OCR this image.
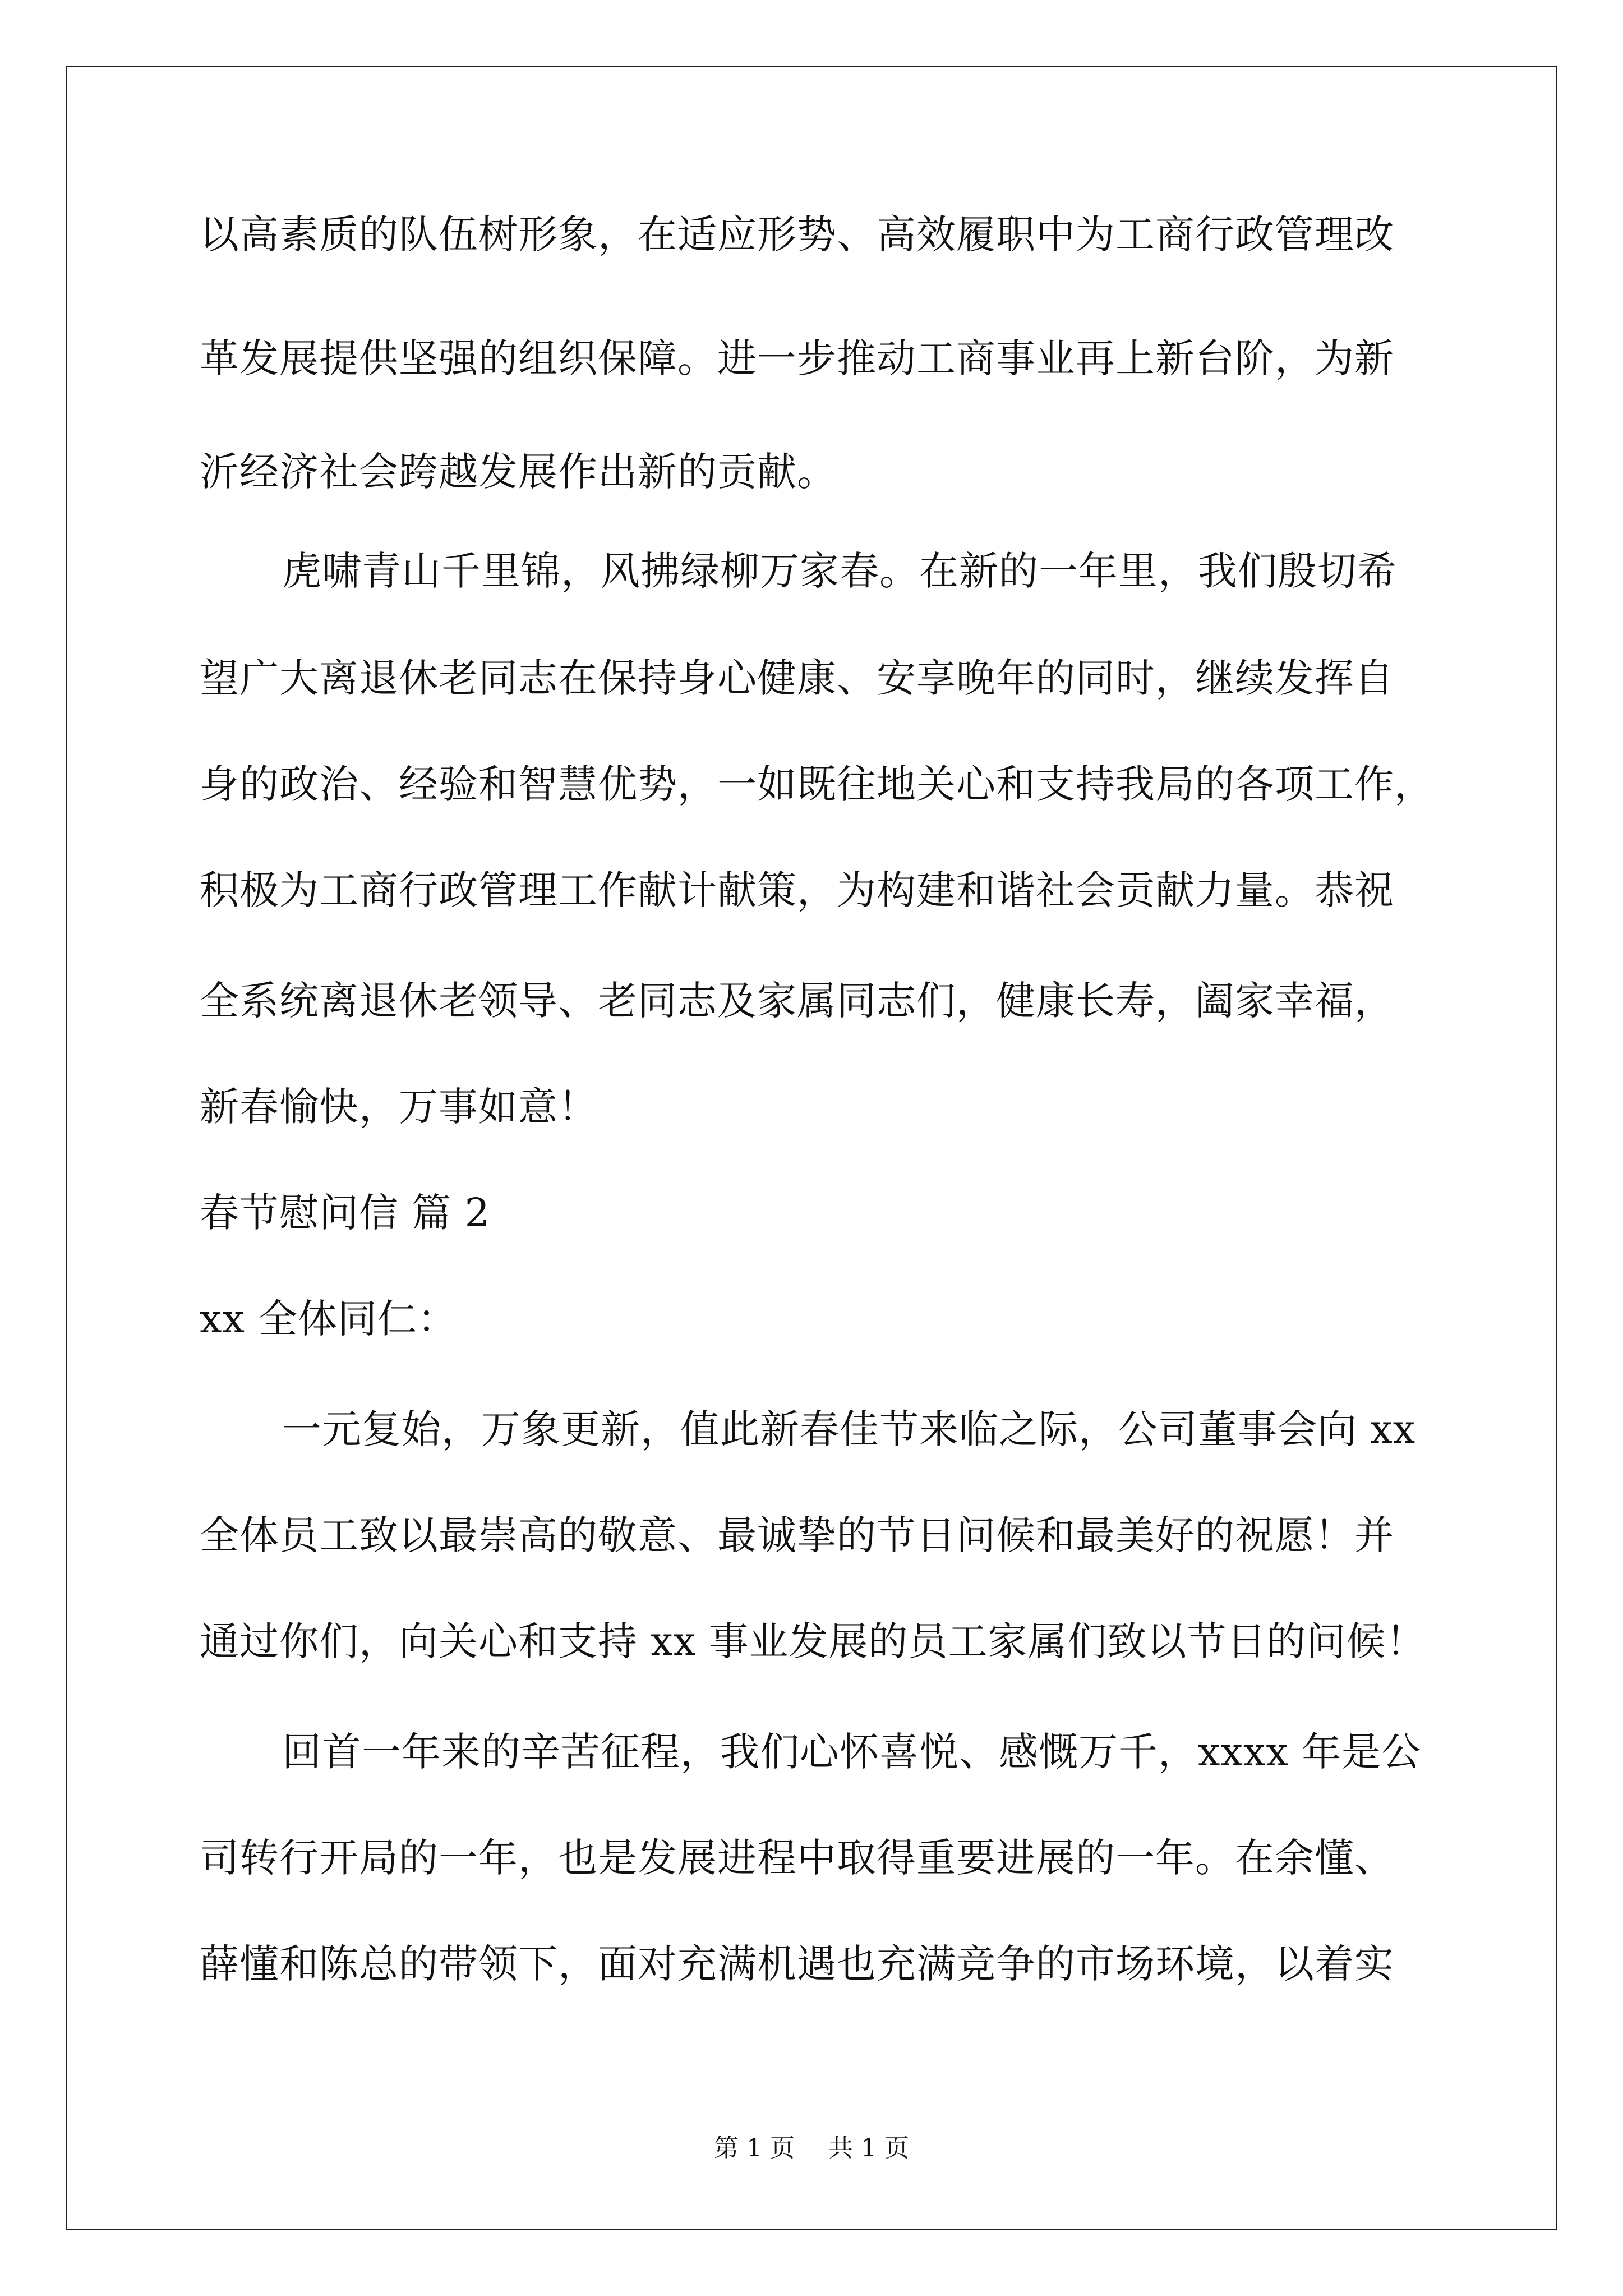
以高素质的队伍树形象，在适应形势、高效履职中为工商行政管理改
革发展提供坚强的组织保障。进一步推动工商事业再上新台阶，为新
沂经济社会跨越发展作出新的贡献。
虎啸青山千里锦，风拂绿柳万家春。在新的一年里，我们殷切希
望广大离退休老同志在保持身心健康、安享晚年的同时，继续发挥自
身的政治、经验和智慧优势，一如既往地关心和支持我局的各项工作，
积极为工商行政管理工作献计献策，为构建和谐社会贡献力量。恭祝
全系统离退休老领导、老同志及家属同志们，健康长寿，阖家幸福，
新春愉快，万事如意！
春节慰问信 篇 2
xx 全体同仁：
一元复始，万象更新，值此新春佳节来临之际，公司董事会向 xx
全体员工致以最崇高的敬意、最诚挚的节日问候和最美好的祝愿！并
通过你们，向关心和支持 xx 事业发展的员工家属们致以节日的问候！
回首一年来的辛苦征程，我们心怀喜悦、感慨万千，xxxx 年是公
司转行开局的一年，也是发展进程中取得重要进展的一年。在余懂、
薛懂和陈总的带领下，面对充满机遇也充满竞争的市场环境，以着实
第 1 页 共 1 页
